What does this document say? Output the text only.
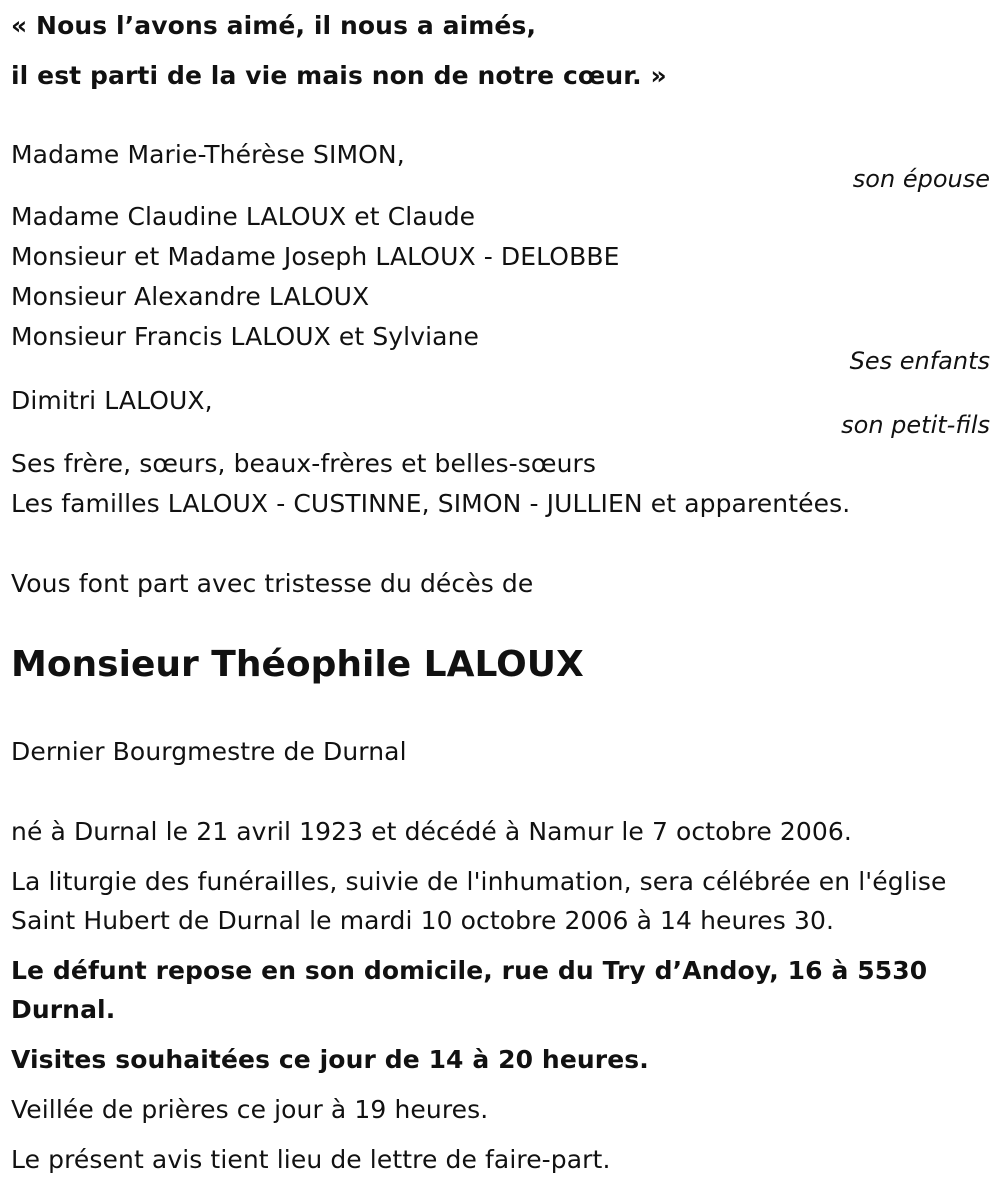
« Nous l’avons aimé, il nous a aimés,
il est parti de la vie mais non de notre cœur. »
Madame Marie-Thérèse SIMON,
son épouse
Madame Claudine LALOUX et Claude
Monsieur et Madame Joseph LALOUX - DELOBBE
Monsieur Alexandre LALOUX
Monsieur Francis LALOUX et Sylviane
Ses enfants
Dimitri LALOUX,
son petit-fils
Ses frère, sœurs, beaux-frères et belles-sœurs
Les familles LALOUX - CUSTINNE, SIMON - JULLIEN et apparentées.
Vous font part avec tristesse du décès de
Monsieur Théophile LALOUX
Dernier Bourgmestre de Durnal
né à Durnal le 21 avril 1923 et décédé à Namur le 7 octobre 2006.
La liturgie des funérailles, suivie de l'inhumation, sera célébrée en l'église
Saint Hubert de Durnal le mardi 10 octobre 2006 à 14 heures 30.
Le défunt repose en son domicile, rue du Try d’Andoy, 16 à 5530
Durnal.
Visites souhaitées ce jour de 14 à 20 heures.
Veillée de prières ce jour à 19 heures.
Le présent avis tient lieu de lettre de faire-part.
